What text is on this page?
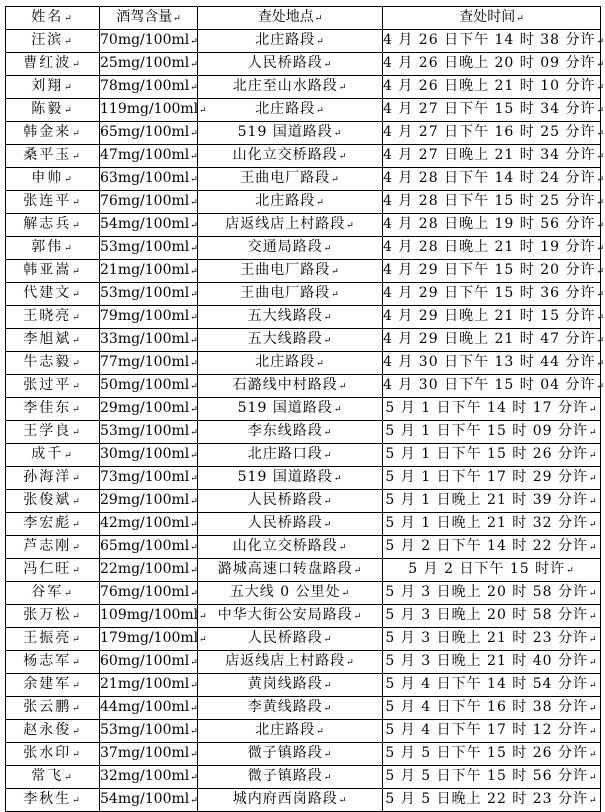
姓名↵	酒驾含量↵	查处地点↵	查处时间↵
汪滨↵	70mg/100ml↵	北庄路段↵	4 月 26 日下午 14 时 38 分许↵
曹红波↵	25mg/100ml↵	人民桥路段↵	4 月 26 日晚上 20 时 09 分许↵
刘翔↵	78mg/100ml↵	北庄至山水路段↵	4 月 26 日晚上 21 时 10 分许↵
陈毅↵	119mg/100ml↵	北庄路段↵	4 月 27 日下午 15 时 34 分许↵
韩金来↵	65mg/100ml↵	519 国道路段↵	4 月 27 日下午 16 时 25 分许↵
桑平玉↵	47mg/100ml↵	山化立交桥路段↵	4 月 27 日晚上 21 时 34 分许↵
申帅↵	63mg/100ml↵	王曲电厂路段↵	4 月 28 日下午 14 时 24 分许↵
张连平↵	76mg/100ml↵	北庄路段↵	4 月 28 日下午 15 时 25 分许↵
解志兵↵	54mg/100ml↵	店返线店上村路段↵	4 月 28 日晚上 19 时 56 分许↵
郭伟↵	53mg/100ml↵	交通局路段↵	4 月 28 日晚上 21 时 19 分许↵
韩亚嵩↵	21mg/100ml↵	王曲电厂路段↵	4 月 29 日下午 15 时 20 分许↵
代建文↵	53mg/100ml↵	王曲电厂路段↵	4 月 29 日下午 15 时 36 分许↵
王晓亮↵	79mg/100ml↵	五大线路段↵	4 月 29 日晚上 21 时 15 分许↵
李旭斌↵	33mg/100ml↵	五大线路段↵	4 月 29 日晚上 21 时 47 分许↵
牛志毅↵	77mg/100ml↵	北庄路段↵	4 月 30 日下午 13 时 44 分许↵
张过平↵	50mg/100ml↵	石潞线中村路段↵	4 月 30 日下午 15 时 04 分许↵
李佳东↵	29mg/100ml↵	519 国道路段↵	5 月 1 日下午 14 时 17 分许↵
王学良↵	53mg/100ml↵	李东线路段↵	5 月 1 日下午 15 时 09 分许↵
成千↵	30mg/100ml↵	北庄路口段↵	5 月 1 日下午 15 时 26 分许↵
孙海洋↵	73mg/100ml↵	519 国道路段↵	5 月 1 日下午 17 时 29 分许↵
张俊斌↵	29mg/100ml↵	人民桥路段↵	5 月 1 日晚上 21 时 39 分许↵
李宏彪↵	42mg/100ml↵	人民桥路段↵	5 月 1 日晚上 21 时 32 分许↵
芦志刚↵	65mg/100ml↵	山化立交桥路段↵	5 月 2 日下午 14 时 22 分许↵
冯仁旺↵	22mg/100ml↵	潞城高速口转盘路段↵	5 月 2 日下午 15 时许↵
谷军↵	76mg/100ml↵	五大线 0 公里处↵	5 月 3 日晚上 20 时 58 分许↵
张万松↵	109mg/100ml↵	中华大街公安局路段↵	5 月 3 日晚上 20 时 58 分许↵
王振亮↵	179mg/100ml↵	人民桥路段↵	5 月 3 日晚上 21 时 23 分许↵
杨志军↵	60mg/100ml↵	店返线店上村路段↵	5 月 3 日晚上 21 时 40 分许↵
余建军↵	21mg/100ml↵	黄岗线路段↵	5 月 4 日下午 14 时 54 分许↵
张云鹏↵	44mg/100ml↵	李黄线路段↵	5 月 4 日下午 16 时 38 分许↵
赵永俊↵	53mg/100ml↵	北庄路段↵	5 月 4 日下午 17 时 12 分许↵
张水印↵	37mg/100ml↵	微子镇路段↵	5 月 5 日下午 15 时 26 分许↵
常飞↵	32mg/100ml↵	微子镇路段↵	5 月 5 日下午 15 时 56 分许↵
李秋生↵	54mg/100ml↵	城内府西岗路段↵	5 月 5 日晚上 22 时 23 分许↵
